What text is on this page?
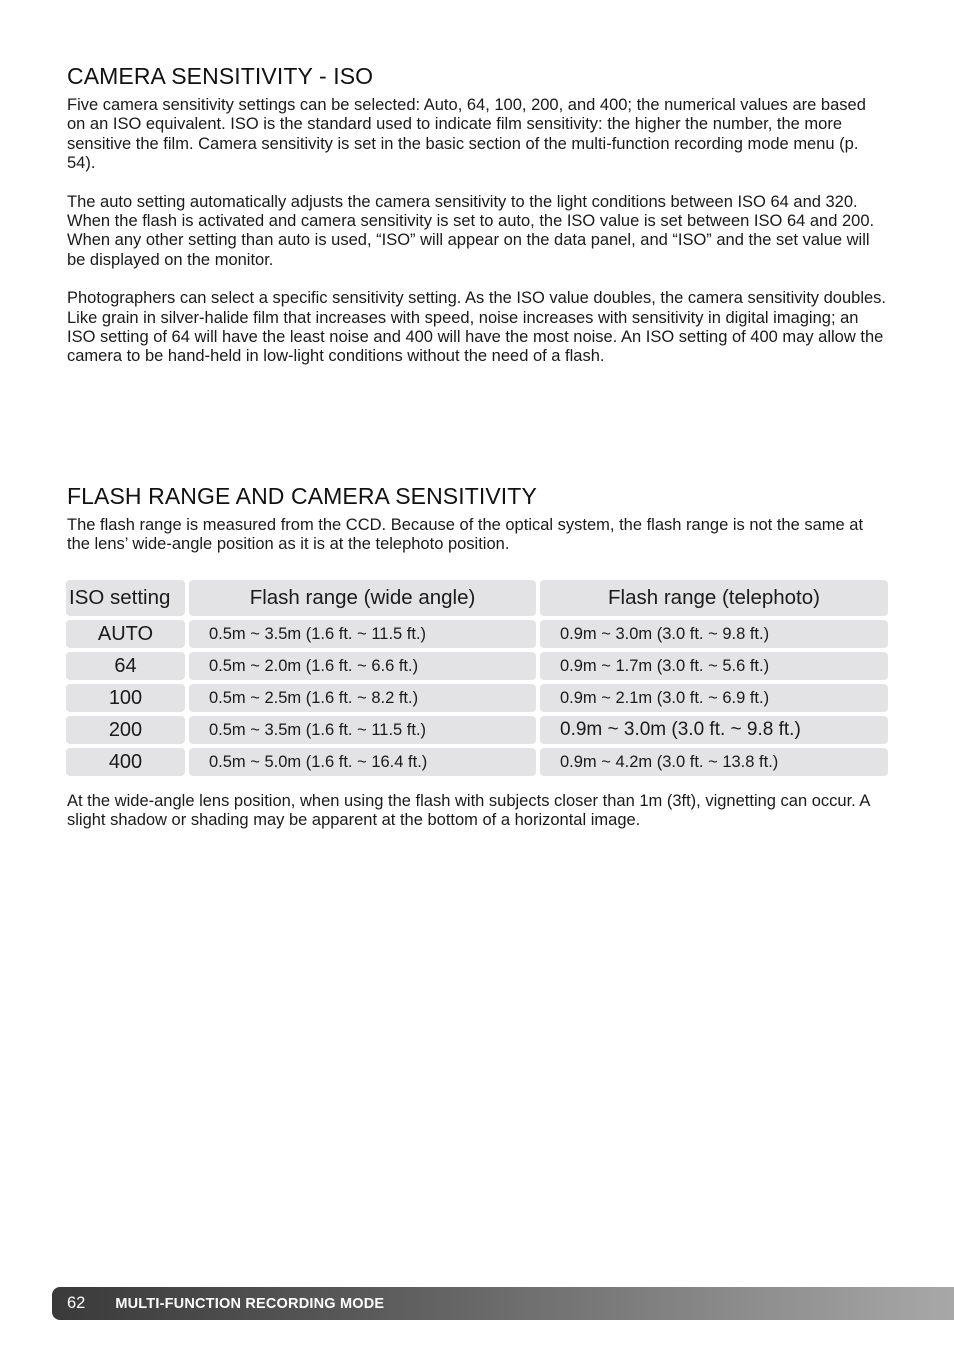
CAMERA SENSITIVITY - ISO

Five camera sensitivity settings can be selected: Auto, 64, 100, 200, and 400; the numerical values are based on an ISO equivalent. ISO is the standard used to indicate film sensitivity: the higher the number, the more sensitive the film. Camera sensitivity is set in the basic section of the multi-function recording mode menu (p. 54).

The auto setting automatically adjusts the camera sensitivity to the light conditions between ISO 64 and 320. When the flash is activated and camera sensitivity is set to auto, the ISO value is set between ISO 64 and 200. When any other setting than auto is used, “ISO” will appear on the data panel, and “ISO” and the set value will be displayed on the monitor.

Photographers can select a specific sensitivity setting. As the ISO value doubles, the camera sensitivity doubles. Like grain in silver-halide film that increases with speed, noise increases with sensitivity in digital imaging; an ISO setting of 64 will have the least noise and 400 will have the most noise. An ISO setting of 400 may allow the camera to be hand-held in low-light conditions without the need of a flash.

FLASH RANGE AND CAMERA SENSITIVITY

The flash range is measured from the CCD. Because of the optical system, the flash range is not the same at the lens’ wide-angle position as it is at the telephoto position.

ISO setting	Flash range (wide angle)	Flash range (telephoto)
AUTO	0.5m ~ 3.5m (1.6 ft. ~ 11.5 ft.)	0.9m ~ 3.0m (3.0 ft. ~ 9.8 ft.)
64	0.5m ~ 2.0m (1.6 ft. ~ 6.6 ft.)	0.9m ~ 1.7m (3.0 ft. ~ 5.6 ft.)
100	0.5m ~ 2.5m (1.6 ft. ~ 8.2 ft.)	0.9m ~ 2.1m (3.0 ft. ~ 6.9 ft.)
200	0.5m ~ 3.5m (1.6 ft. ~ 11.5 ft.)	0.9m ~ 3.0m (3.0 ft. ~ 9.8 ft.)
400	0.5m ~ 5.0m (1.6 ft. ~ 16.4 ft.)	0.9m ~ 4.2m (3.0 ft. ~ 13.8 ft.)

At the wide-angle lens position, when using the flash with subjects closer than 1m (3ft), vignetting can occur. A slight shadow or shading may be apparent at the bottom of a horizontal image.

62 MULTI-FUNCTION RECORDING MODE
